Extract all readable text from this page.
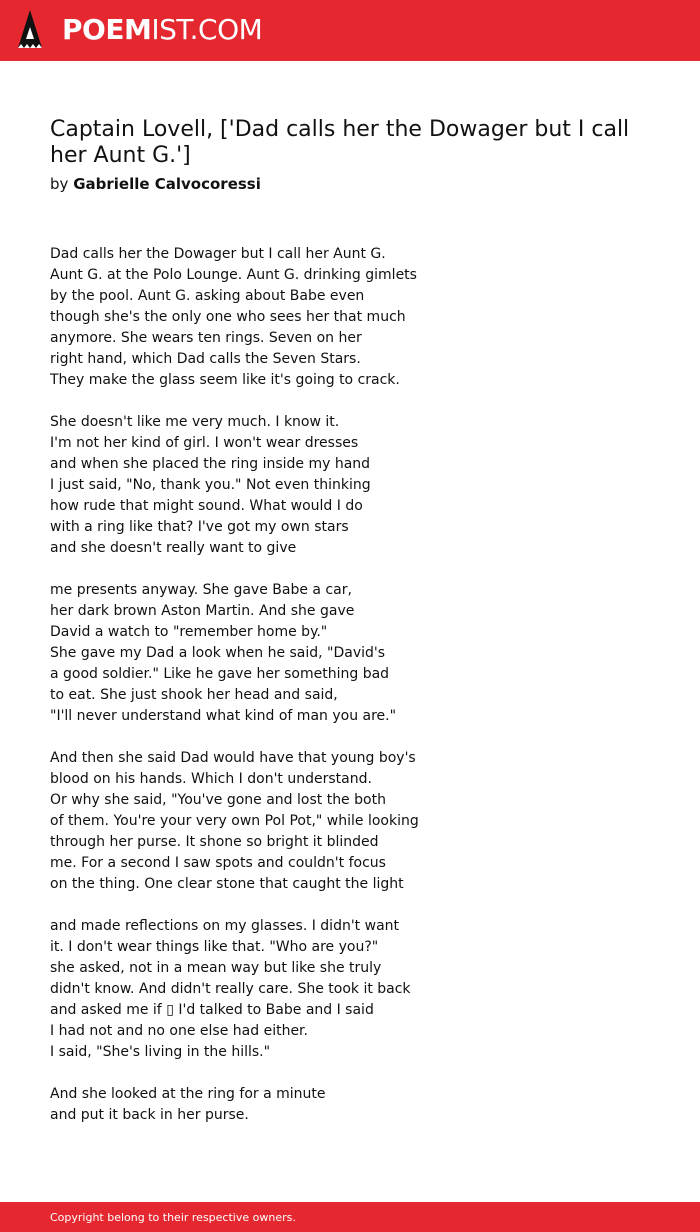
POEMIST.COM
Captain Lovell, ['Dad calls her the Dowager but I call her Aunt G.']
by Gabrielle Calvocoressi
Dad calls her the Dowager but I call her Aunt G.
Aunt G. at the Polo Lounge. Aunt G. drinking gimlets
by the pool. Aunt G. asking about Babe even
though she's the only one who sees her that much
anymore. She wears ten rings. Seven on her
right hand, which Dad calls the Seven Stars.
They make the glass seem like it's going to crack.
She doesn't like me very much. I know it.
I'm not her kind of girl. I won't wear dresses
and when she placed the ring inside my hand
I just said, "No, thank you." Not even thinking
how rude that might sound. What would I do
with a ring like that? I've got my own stars
and she doesn't really want to give
me presents anyway. She gave Babe a car,
her dark brown Aston Martin. And she gave
David a watch to "remember home by."
She gave my Dad a look when he said, "David's
a good soldier." Like he gave her something bad
to eat. She just shook her head and said,
"I'll never understand what kind of man you are."
And then she said Dad would have that young boy's
blood on his hands. Which I don't understand.
Or why she said, "You've gone and lost the both
of them. You're your very own Pol Pot," while looking
through her purse. It shone so bright it blinded
me. For a second I saw spots and couldn't focus
on the thing. One clear stone that caught the light
and made reflections on my glasses. I didn't want
it. I don't wear things like that. "Who are you?"
she asked, not in a mean way but like she truly
didn't know. And didn't really care. She took it back
and asked me if ▯ I'd talked to Babe and I said
I had not and no one else had either.
I said, "She's living in the hills."
And she looked at the ring for a minute
and put it back in her purse.
Copyright belong to their respective owners.
